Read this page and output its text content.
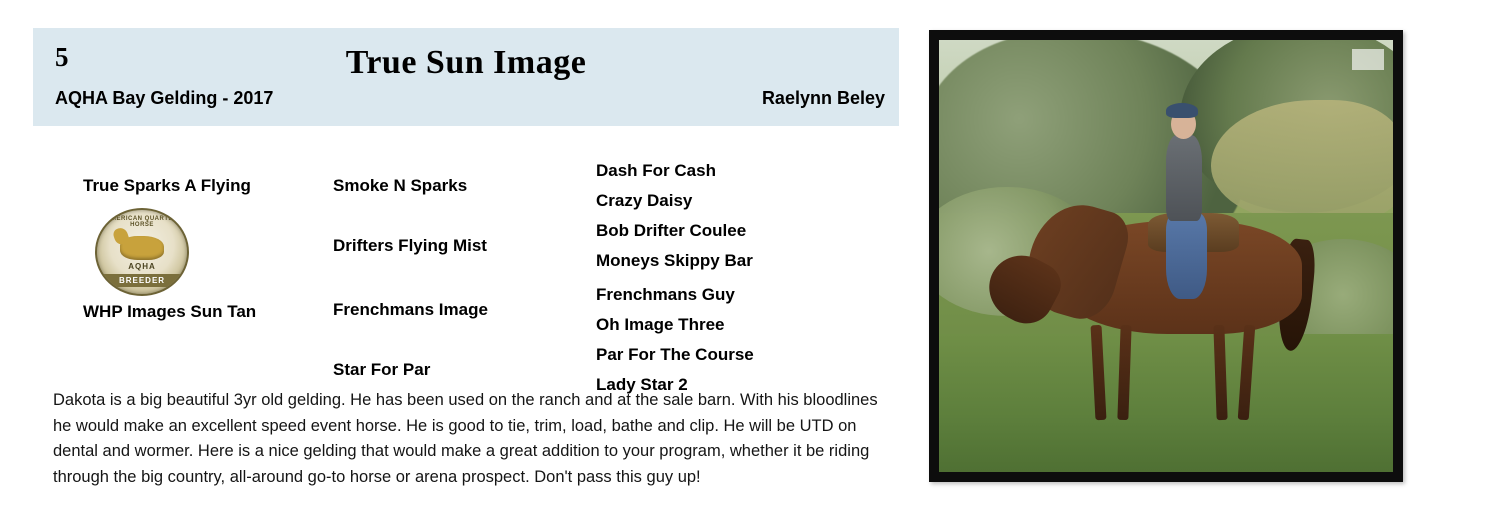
5	True Sun Image
AQHA Bay Gelding - 2017	Raelynn Beley
True Sparks A Flying
AMERICAN QUARTER HORSE
AQHA
BREEDER
WHP Images Sun Tan
Smoke N Sparks
Drifters Flying Mist
Frenchmans Image
Star For Par
Dash For Cash
Crazy Daisy
Bob Drifter Coulee
Moneys Skippy Bar
Frenchmans Guy
Oh Image Three
Par For The Course
Lady Star 2
Dakota is a big beautiful 3yr old gelding. He has been used on the ranch and at the sale barn. With his bloodlines he would make an excellent speed event horse. He is good to tie, trim, load, bathe and clip. He will be UTD on dental and wormer. Here is a nice gelding that would make a great addition to your program, whether it be riding through the big country, all-around go-to horse or arena prospect. Don't pass this guy up!
